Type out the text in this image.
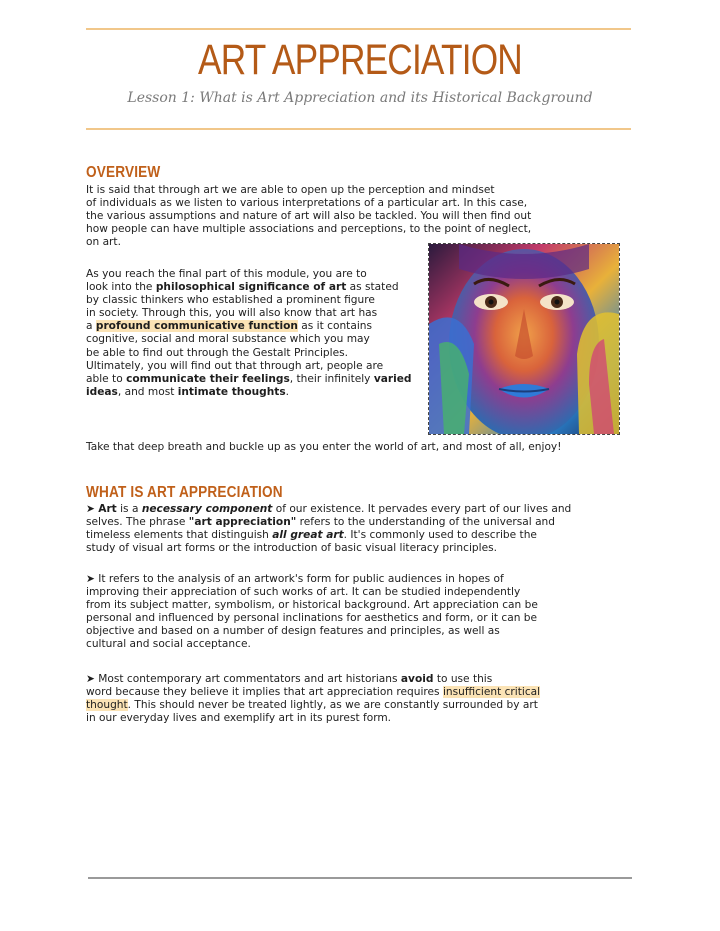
ART APPRECIATION
Lesson 1: What is Art Appreciation and its Historical Background
OVERVIEW
It is said that through art we are able to open up the perception and mindset
of individuals as we listen to various interpretations of a particular art. In this case,
the various assumptions and nature of art will also be tackled. You will then find out
how people can have multiple associations and perceptions, to the point of neglect,
on art.
As you reach the final part of this module, you are to
look into the philosophical significance of art as stated
by classic thinkers who established a prominent figure
in society. Through this, you will also know that art has
a profound communicative function as it contains
cognitive, social and moral substance which you may
be able to find out through the Gestalt Principles.
Ultimately, you will find out that through art, people are
able to communicate their feelings, their infinitely varied
ideas, and most intimate thoughts.
Take that deep breath and buckle up as you enter the world of art, and most of all, enjoy!
WHAT IS ART APPRECIATION
➤ Art is a necessary component of our existence. It pervades every part of our lives and
selves. The phrase "art appreciation" refers to the understanding of the universal and
timeless elements that distinguish all great art. It's commonly used to describe the
study of visual art forms or the introduction of basic visual literacy principles.
➤ It refers to the analysis of an artwork's form for public audiences in hopes of
improving their appreciation of such works of art. It can be studied independently
from its subject matter, symbolism, or historical background. Art appreciation can be
personal and influenced by personal inclinations for aesthetics and form, or it can be
objective and based on a number of design features and principles, as well as
cultural and social acceptance.
➤ Most contemporary art commentators and art historians avoid to use this
word because they believe it implies that art appreciation requires insufficient critical
thought. This should never be treated lightly, as we are constantly surrounded by art
in our everyday lives and exemplify art in its purest form.
